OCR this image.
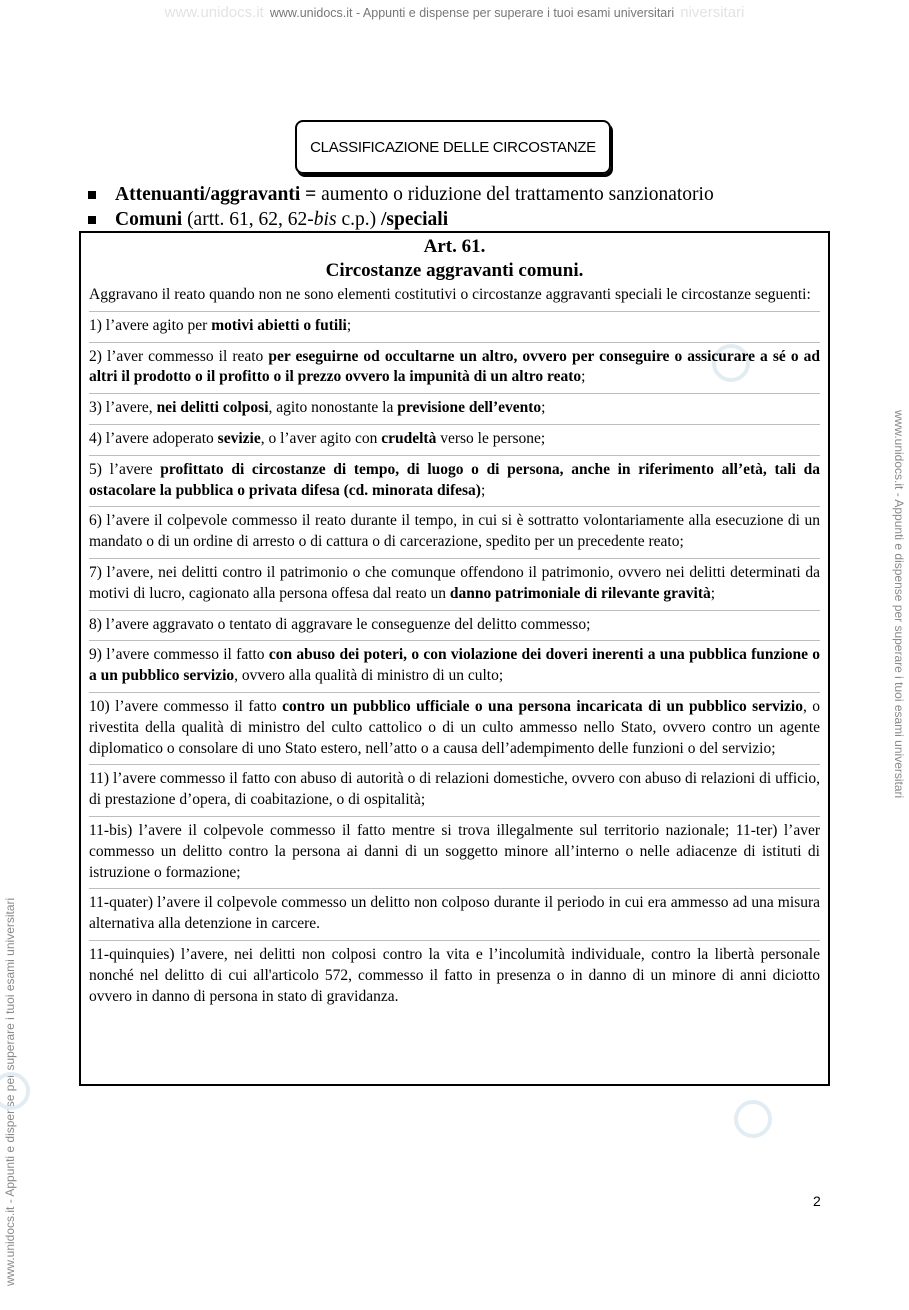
www.unidocs.it www.unidocs.it - Appunti e dispense per superare i tuoi esami universitari niversitari
www.unidocs.it - Appunti e dispense per superare i tuoi esami universitari
www.unidocs.it - Appunti e dispense per superare i tuoi esami universitari
CLASSIFICAZIONE DELLE CIRCOSTANZE
Attenuanti/aggravanti = aumento o riduzione del trattamento sanzionatorio
Comuni (artt. 61, 62, 62-bis c.p.) /speciali
Art. 61.
Circostanze aggravanti comuni.

Aggravano il reato quando non ne sono elementi costitutivi o circostanze aggravanti speciali le circostanze seguenti:

1) l’avere agito per motivi abietti o futili;

2) l’aver commesso il reato per eseguirne od occultarne un altro, ovvero per conseguire o assicurare a sé o ad altri il prodotto o il profitto o il prezzo ovvero la impunità di un altro reato;

3) l’avere, nei delitti colposi, agito nonostante la previsione dell’evento;

4) l’avere adoperato sevizie, o l’aver agito con crudeltà verso le persone;

5) l’avere profittato di circostanze di tempo, di luogo o di persona, anche in riferimento all’età, tali da ostacolare la pubblica o privata difesa (cd. minorata difesa);

6) l’avere il colpevole commesso il reato durante il tempo, in cui si è sottratto volontariamente alla esecuzione di un mandato o di un ordine di arresto o di cattura o di carcerazione, spedito per un precedente reato;

7) l’avere, nei delitti contro il patrimonio o che comunque offendono il patrimonio, ovvero nei delitti determinati da motivi di lucro, cagionato alla persona offesa dal reato un danno patrimoniale di rilevante gravità;

8) l’avere aggravato o tentato di aggravare le conseguenze del delitto commesso;

9) l’avere commesso il fatto con abuso dei poteri, o con violazione dei doveri inerenti a una pubblica funzione o a un pubblico servizio, ovvero alla qualità di ministro di un culto;

10) l’avere commesso il fatto contro un pubblico ufficiale o una persona incaricata di un pubblico servizio, o rivestita della qualità di ministro del culto cattolico o di un culto ammesso nello Stato, ovvero contro un agente diplomatico o consolare di uno Stato estero, nell’atto o a causa dell’adempimento delle funzioni o del servizio;

11) l’avere commesso il fatto con abuso di autorità o di relazioni domestiche, ovvero con abuso di relazioni di ufficio, di prestazione d’opera, di coabitazione, o di ospitalità;

11-bis) l’avere il colpevole commesso il fatto mentre si trova illegalmente sul territorio nazionale; 11-ter) l’aver commesso un delitto contro la persona ai danni di un soggetto minore all’interno o nelle adiacenze di istituti di istruzione o formazione;

11-quater) l’avere il colpevole commesso un delitto non colposo durante il periodo in cui era ammesso ad una misura alternativa alla detenzione in carcere.

11-quinquies) l’avere, nei delitti non colposi contro la vita e l’incolumità individuale, contro la libertà personale nonché nel delitto di cui all'articolo 572, commesso il fatto in presenza o in danno di un minore di anni diciotto ovvero in danno di persona in stato di gravidanza.

2
